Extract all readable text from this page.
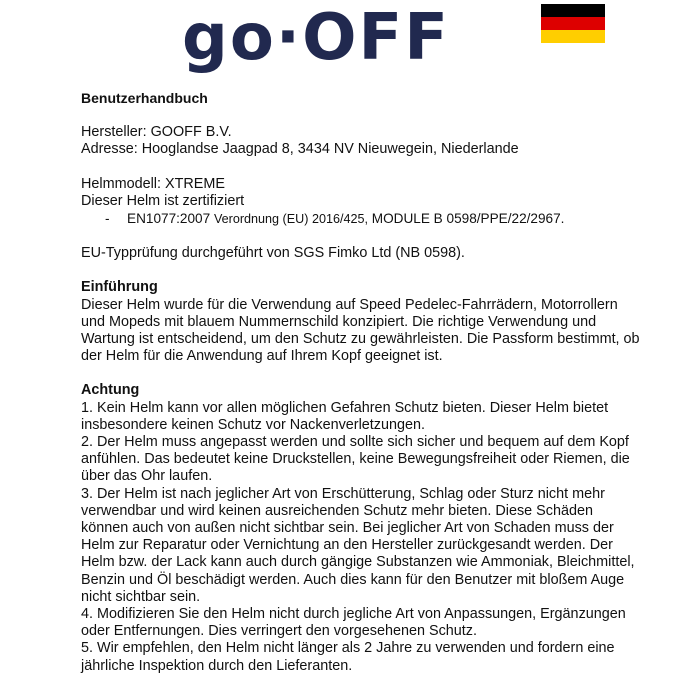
go·OFF
Benutzerhandbuch

Hersteller: GOOFF B.V.

Adresse: Hooglandse Jaagpad 8, 3434 NV Nieuwegein, Niederlande

Helmmodell: XTREME

Dieser Helm ist zertifiziert

- EN1077:2007 Verordnung (EU) 2016/425, MODULE B 0598/PPE/22/2967.

EU-Typprüfung durchgeführt von SGS Fimko Ltd (NB 0598).

Einführung

Dieser Helm wurde für die Verwendung auf Speed Pedelec-Fahrrädern, Motorrollern und Mopeds mit blauem Nummernschild konzipiert. Die richtige Verwendung und Wartung ist entscheidend, um den Schutz zu gewährleisten. Die Passform bestimmt, ob der Helm für die Anwendung auf Ihrem Kopf geeignet ist.

Achtung

1. Kein Helm kann vor allen möglichen Gefahren Schutz bieten. Dieser Helm bietet insbesondere keinen Schutz vor Nackenverletzungen.

2. Der Helm muss angepasst werden und sollte sich sicher und bequem auf dem Kopf anfühlen. Das bedeutet keine Druckstellen, keine Bewegungsfreiheit oder Riemen, die über das Ohr laufen.

3. Der Helm ist nach jeglicher Art von Erschütterung, Schlag oder Sturz nicht mehr verwendbar und wird keinen ausreichenden Schutz mehr bieten. Diese Schäden können auch von außen nicht sichtbar sein. Bei jeglicher Art von Schaden muss der Helm zur Reparatur oder Vernichtung an den Hersteller zurückgesandt werden. Der Helm bzw. der Lack kann auch durch gängige Substanzen wie Ammoniak, Bleichmittel, Benzin und Öl beschädigt werden. Auch dies kann für den Benutzer mit bloßem Auge nicht sichtbar sein.

4. Modifizieren Sie den Helm nicht durch jegliche Art von Anpassungen, Ergänzungen oder Entfernungen. Dies verringert den vorgesehenen Schutz.

5. Wir empfehlen, den Helm nicht länger als 2 Jahre zu verwenden und fordern eine jährliche Inspektion durch den Lieferanten.
